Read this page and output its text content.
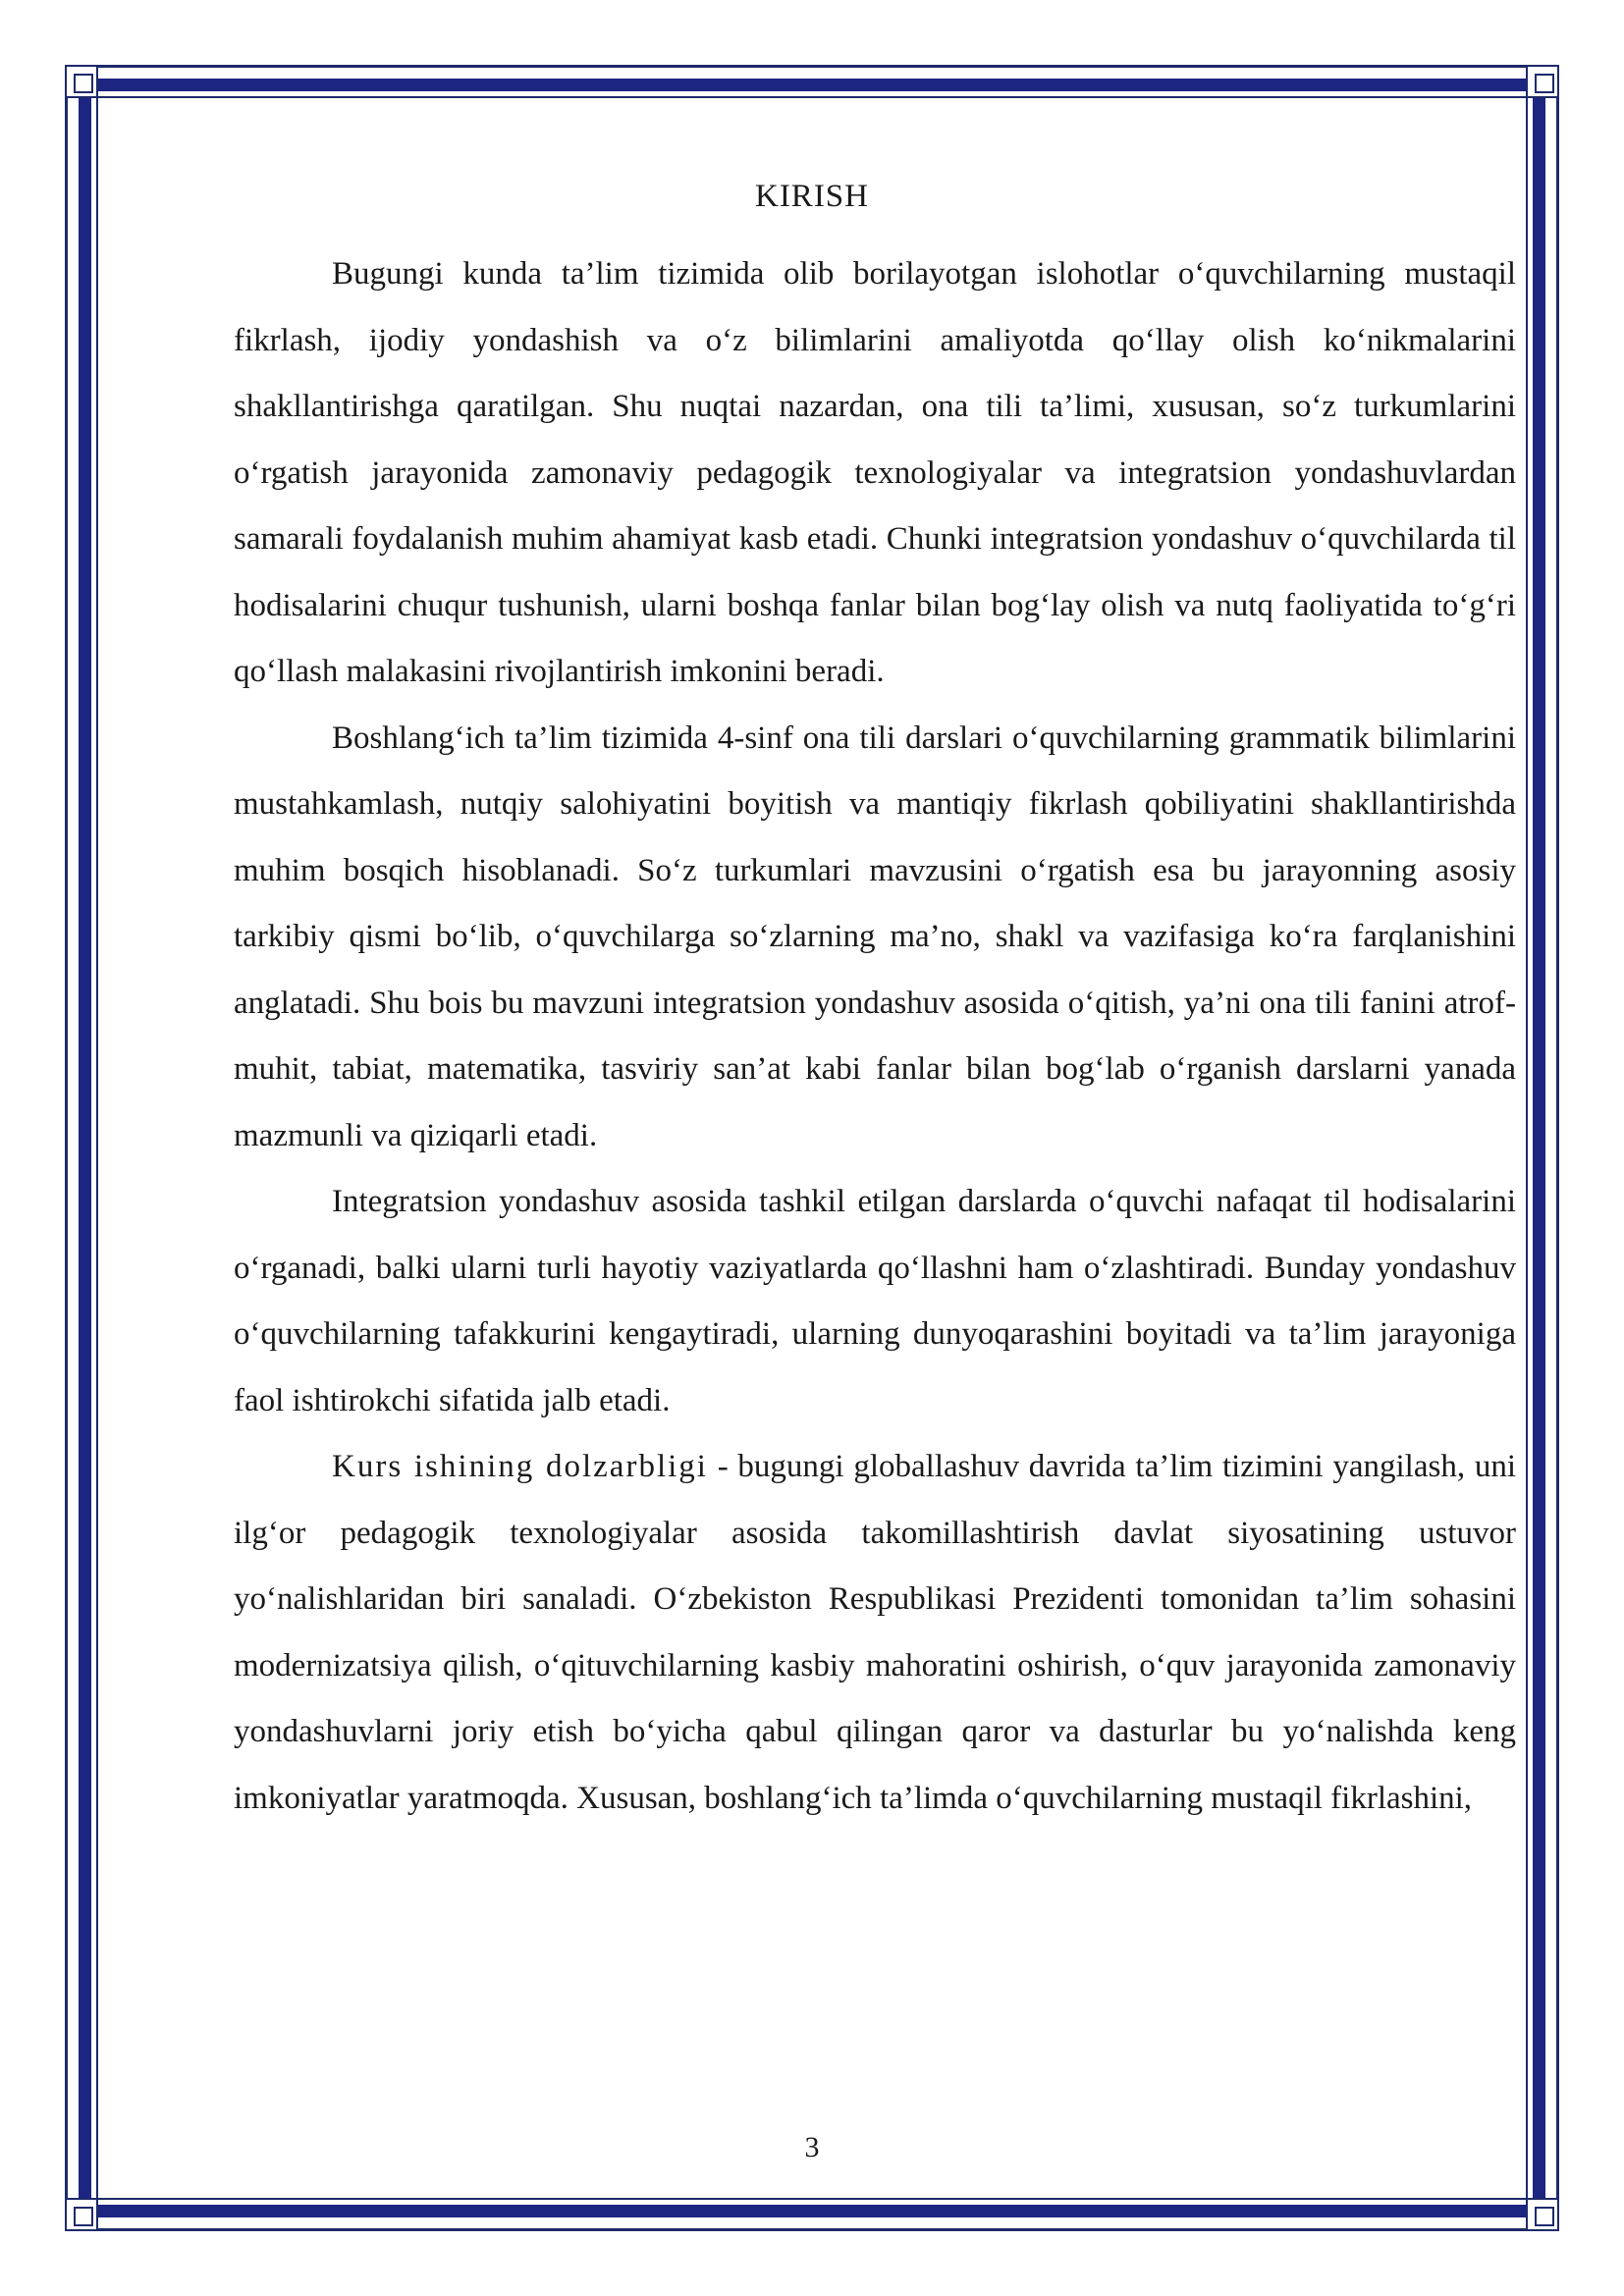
KIRISH

Bugungi kunda ta’lim tizimida olib borilayotgan islohotlar o‘quvchilarning mustaqil fikrlash, ijodiy yondashish va o‘z bilimlarini amaliyotda qo‘llay olish ko‘nikmalarini shakllantirishga qaratilgan. Shu nuqtai nazardan, ona tili ta’limi, xususan, so‘z turkumlarini o‘rgatish jarayonida zamonaviy pedagogik texnologiyalar va integratsion yondashuvlardan samarali foydalanish muhim ahamiyat kasb etadi. Chunki integratsion yondashuv o‘quvchilarda til hodisalarini chuqur tushunish, ularni boshqa fanlar bilan bog‘lay olish va nutq faoliyatida to‘g‘ri qo‘llash malakasini rivojlantirish imkonini beradi.

Boshlang‘ich ta’lim tizimida 4-sinf ona tili darslari o‘quvchilarning grammatik bilimlarini mustahkamlash, nutqiy salohiyatini boyitish va mantiqiy fikrlash qobiliyatini shakllantirishda muhim bosqich hisoblanadi. So‘z turkumlari mavzusini o‘rgatish esa bu jarayonning asosiy tarkibiy qismi bo‘lib, o‘quvchilarga so‘zlarning ma’no, shakl va vazifasiga ko‘ra farqlanishini anglatadi. Shu bois bu mavzuni integratsion yondashuv asosida o‘qitish, ya’ni ona tili fanini atrof-muhit, tabiat, matematika, tasviriy san’at kabi fanlar bilan bog‘lab o‘rganish darslarni yanada mazmunli va qiziqarli etadi.

Integratsion yondashuv asosida tashkil etilgan darslarda o‘quvchi nafaqat til hodisalarini o‘rganadi, balki ularni turli hayotiy vaziyatlarda qo‘llashni ham o‘zlashtiradi. Bunday yondashuv o‘quvchilarning tafakkurini kengaytiradi, ularning dunyoqarashini boyitadi va ta’lim jarayoniga faol ishtirokchi sifatida jalb etadi.

Kurs ishining dolzarbligi - bugungi globallashuv davrida ta’lim tizimini yangilash, uni ilg‘or pedagogik texnologiyalar asosida takomillashtirish davlat siyosatining ustuvor yo‘nalishlaridan biri sanaladi. O‘zbekiston Respublikasi Prezidenti tomonidan ta’lim sohasini modernizatsiya qilish, o‘qituvchilarning kasbiy mahoratini oshirish, o‘quv jarayonida zamonaviy yondashuvlarni joriy etish bo‘yicha qabul qilingan qaror va dasturlar bu yo‘nalishda keng imkoniyatlar yaratmoqda. Xususan, boshlang‘ich ta’limda o‘quvchilarning mustaqil fikrlashini,

3
